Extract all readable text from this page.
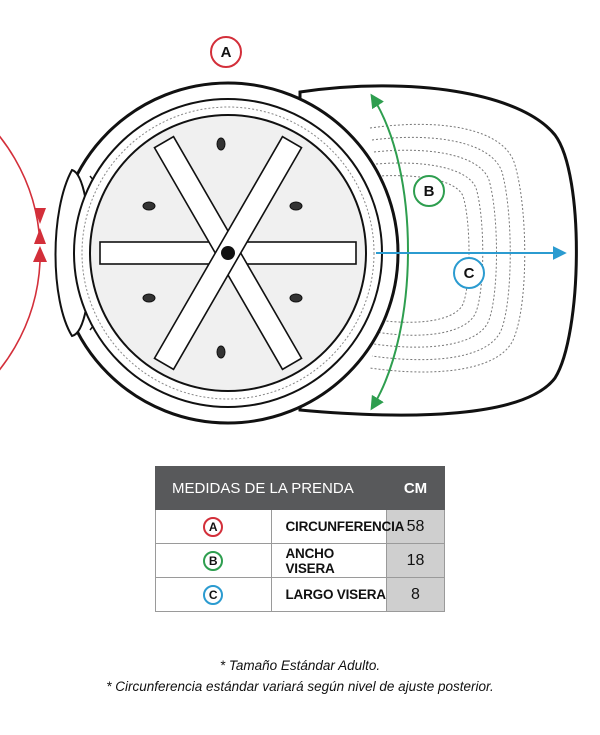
A
B
C
MEDIDAS DE LA PRENDA		CM
A	CIRCUNFERENCIA	58
B	ANCHO VISERA	18
C	LARGO VISERA	8
* Tamaño Estándar Adulto.
* Circunferencia estándar variará según nivel de ajuste posterior.
